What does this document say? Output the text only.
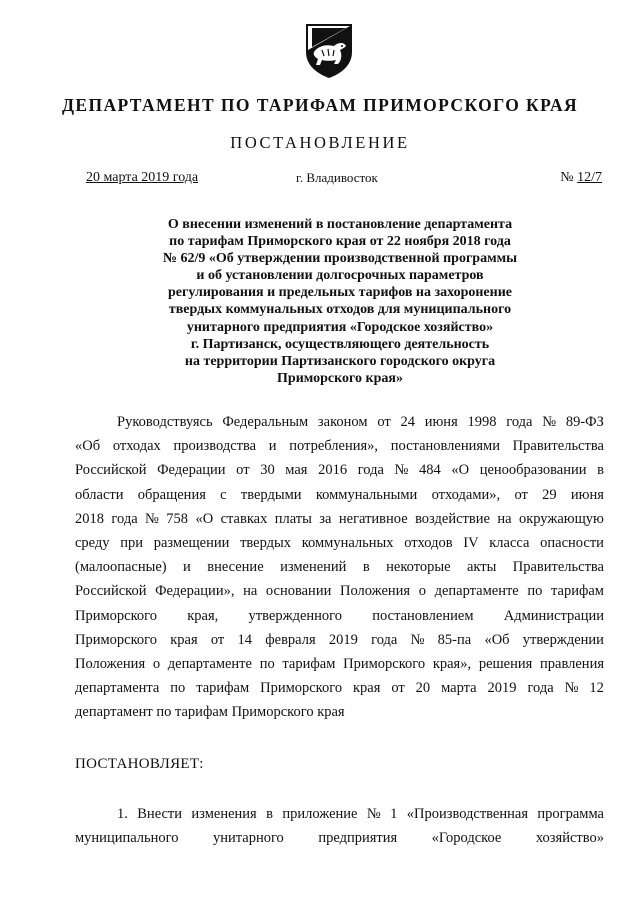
ДЕПАРТАМЕНТ ПО ТАРИФАМ ПРИМОРСКОГО КРАЯ
ПОСТАНОВЛЕНИЕ
20 марта 2019 года	г. Владивосток	№ 12/7
О внесении изменений в постановление департамента
по тарифам Приморского края от 22 ноября 2018 года
№ 62/9 «Об утверждении производственной программы
и об установлении долгосрочных параметров
регулирования и предельных тарифов на захоронение
твердых коммунальных отходов для муниципального
унитарного предприятия «Городское хозяйство»
г. Партизанск, осуществляющего деятельность
на территории Партизанского городского округа
Приморского края»
Руководствуясь Федеральным законом от 24 июня 1998 года № 89-ФЗ
«Об отходах производства и потребления», постановлениями Правительства
Российской Федерации от 30 мая 2016 года № 484 «О ценообразовании в
области обращения с твердыми коммунальными отходами», от 29 июня
2018 года № 758 «О ставках платы за негативное воздействие на окружающую
среду при размещении твердых коммунальных отходов IV класса опасности
(малоопасные) и внесение изменений в некоторые акты Правительства
Российской Федерации», на основании Положения о департаменте по тарифам
Приморского края, утвержденного постановлением Администрации
Приморского края от 14 февраля 2019 года № 85-па «Об утверждении
Положения о департаменте по тарифам Приморского края», решения правления
департамента по тарифам Приморского края от 20 марта 2019 года № 12
департамент по тарифам Приморского края
ПОСТАНОВЛЯЕТ:
1. Внести изменения в приложение № 1 «Производственная программа
муниципального унитарного предприятия «Городское хозяйство»
